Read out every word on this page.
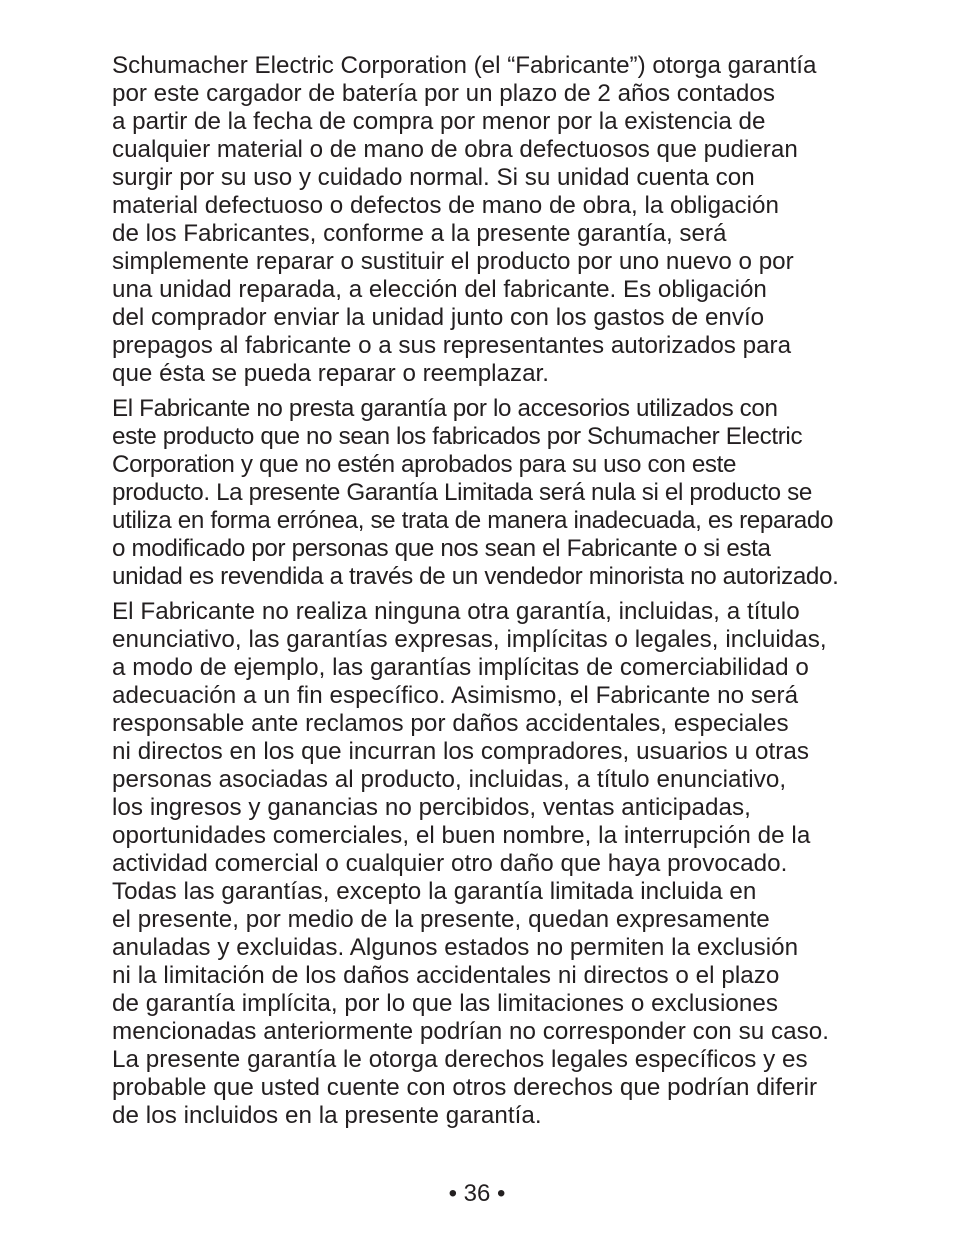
Schumacher Electric Corporation (el “Fabricante”) otorga garantía
por este cargador de batería por un plazo de 2 años contados
a partir de la fecha de compra por menor por la existencia de
cualquier material o de mano de obra defectuosos que pudieran
surgir por su uso y cuidado normal. Si su unidad cuenta con
material defectuoso o defectos de mano de obra, la obligación
de los Fabricantes, conforme a la presente garantía, será
simplemente reparar o sustituir el producto por uno nuevo o por
una unidad reparada, a elección del fabricante. Es obligación
del comprador enviar la unidad junto con los gastos de envío
prepagos al fabricante o a sus representantes autorizados para
que ésta se pueda reparar o reemplazar.
El Fabricante no presta garantía por lo accesorios utilizados con
este producto que no sean los fabricados por Schumacher Electric
Corporation y que no estén aprobados para su uso con este
producto. La presente Garantía Limitada será nula si el producto se
utiliza en forma errónea, se trata de manera inadecuada, es reparado
o modificado por personas que nos sean el Fabricante o si esta
unidad es revendida a través de un vendedor minorista no autorizado.
El Fabricante no realiza ninguna otra garantía, incluidas, a título
enunciativo, las garantías expresas, implícitas o legales, incluidas,
a modo de ejemplo, las garantías implícitas de comerciabilidad o
adecuación a un fin específico. Asimismo, el Fabricante no será
responsable ante reclamos por daños accidentales, especiales
ni directos en los que incurran los compradores, usuarios u otras
personas asociadas al producto, incluidas, a título enunciativo,
los ingresos y ganancias no percibidos, ventas anticipadas,
oportunidades comerciales, el buen nombre, la interrupción de la
actividad comercial o cualquier otro daño que haya provocado.
Todas las garantías, excepto la garantía limitada incluida en
el presente, por medio de la presente, quedan expresamente
anuladas y excluidas. Algunos estados no permiten la exclusión
ni la limitación de los daños accidentales ni directos o el plazo
de garantía implícita, por lo que las limitaciones o exclusiones
mencionadas anteriormente podrían no corresponder con su caso.
La presente garantía le otorga derechos legales específicos y es
probable que usted cuente con otros derechos que podrían diferir
de los incluidos en la presente garantía.
• 36 •
